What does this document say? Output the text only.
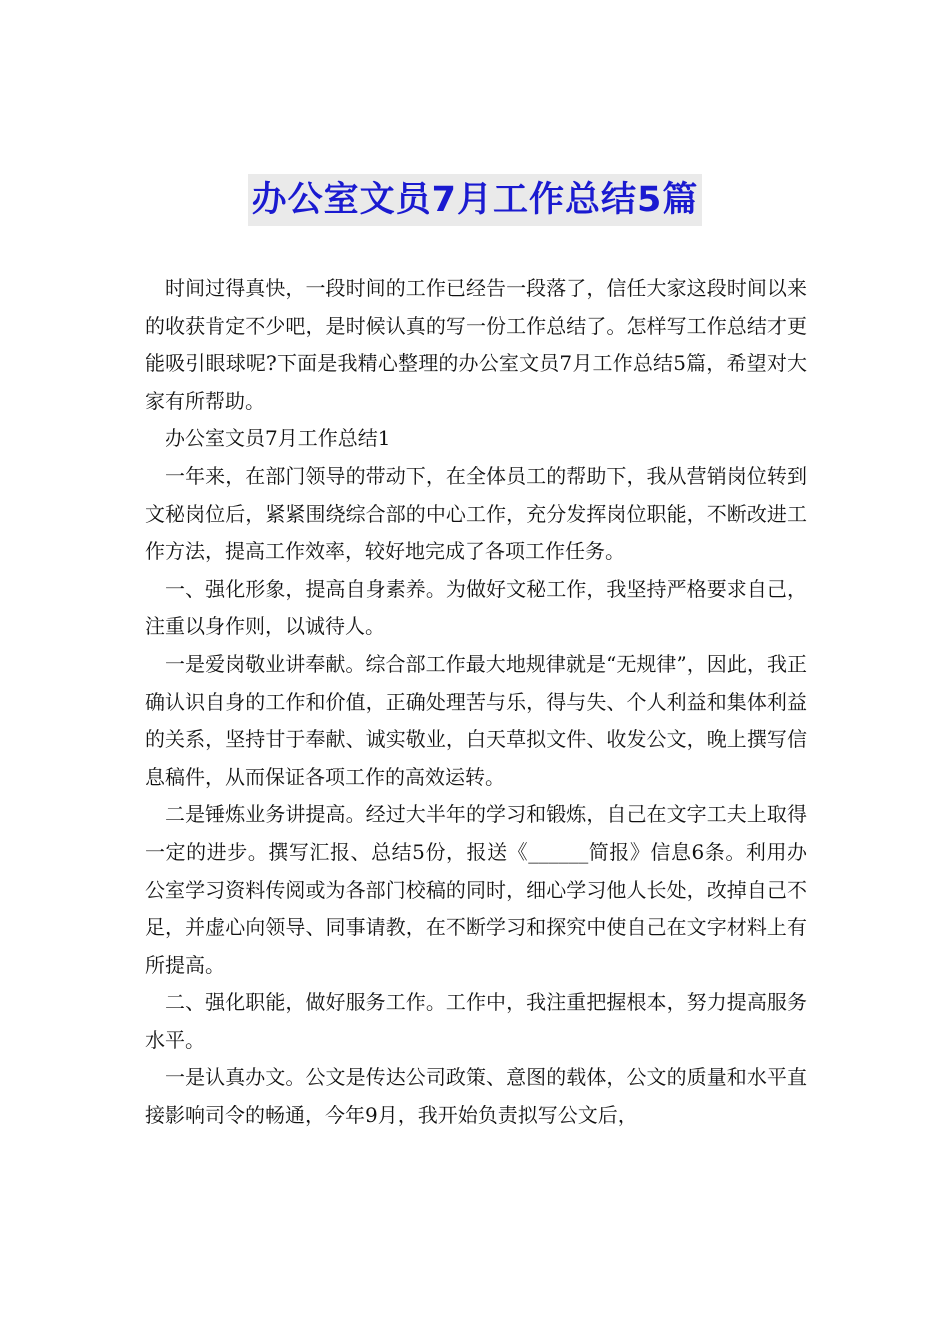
办公室文员7月工作总结5篇

时间过得真快，一段时间的工作已经告一段落了，信任大家这段时间以来的收获肯定不少吧，是时候认真的写一份工作总结了。怎样写工作总结才更能吸引眼球呢?下面是我精心整理的办公室文员7月工作总结5篇，希望对大家有所帮助。

办公室文员7月工作总结1

一年来，在部门领导的带动下，在全体员工的帮助下，我从营销岗位转到文秘岗位后，紧紧围绕综合部的中心工作，充分发挥岗位职能，不断改进工作方法，提高工作效率，较好地完成了各项工作任务。

一、强化形象，提高自身素养。为做好文秘工作，我坚持严格要求自己，注重以身作则，以诚待人。

一是爱岗敬业讲奉献。综合部工作最大地规律就是“无规律”，因此，我正确认识自身的工作和价值，正确处理苦与乐，得与失、个人利益和集体利益的关系，坚持甘于奉献、诚实敬业，白天草拟文件、收发公文，晚上撰写信息稿件，从而保证各项工作的高效运转。

二是锤炼业务讲提高。经过大半年的学习和锻炼，自己在文字工夫上取得一定的进步。撰写汇报、总结5份，报送《______简报》信息6条。利用办公室学习资料传阅或为各部门校稿的同时，细心学习他人长处，改掉自己不足，并虚心向领导、同事请教，在不断学习和探究中使自己在文字材料上有所提高。

二、强化职能，做好服务工作。工作中，我注重把握根本，努力提高服务水平。

一是认真办文。公文是传达公司政策、意图的载体，公文的质量和水平直接影响司令的畅通，今年9月，我开始负责拟写公文后，
